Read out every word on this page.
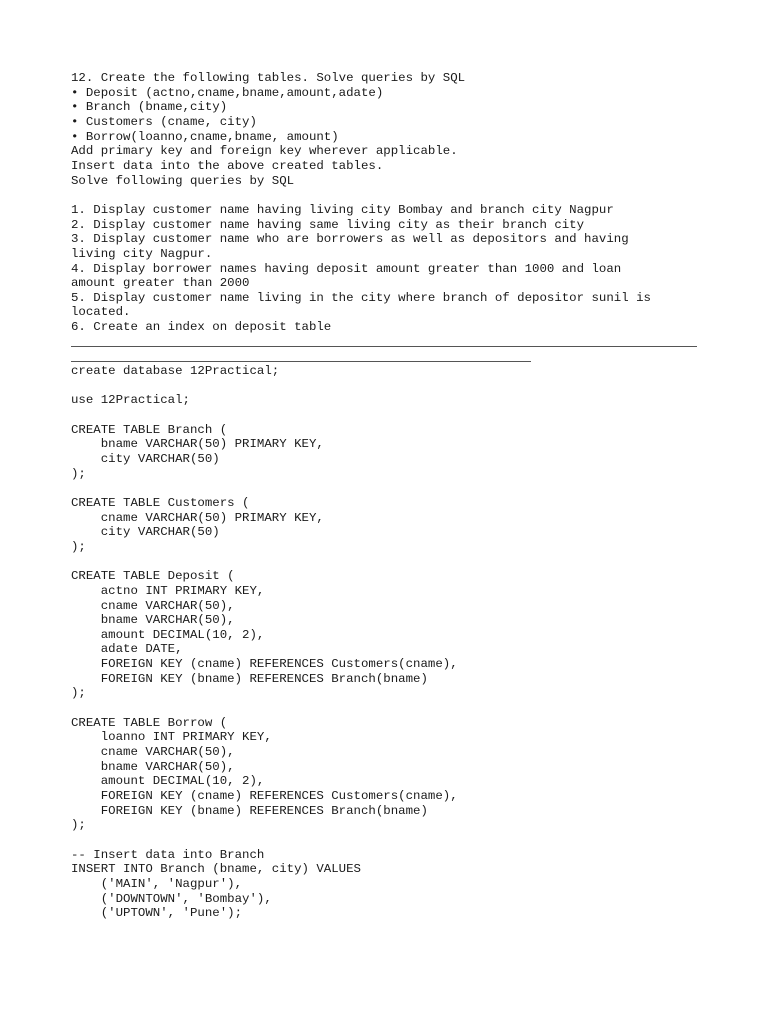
12. Create the following tables. Solve queries by SQL
• Deposit (actno,cname,bname,amount,adate)
• Branch (bname,city)
• Customers (cname, city)
• Borrow(loanno,cname,bname, amount)
Add primary key and foreign key wherever applicable.
Insert data into the above created tables.
Solve following queries by SQL
1. Display customer name having living city Bombay and branch city Nagpur
2. Display customer name having same living city as their branch city
3. Display customer name who are borrowers as well as depositors and having
living city Nagpur.
4. Display borrower names having deposit amount greater than 1000 and loan
amount greater than 2000
5. Display customer name living in the city where branch of depositor sunil is
located.
6. Create an index on deposit table
create database 12Practical;
use 12Practical;
CREATE TABLE Branch (
bname VARCHAR(50) PRIMARY KEY,
city VARCHAR(50)
);
CREATE TABLE Customers (
cname VARCHAR(50) PRIMARY KEY,
city VARCHAR(50)
);
CREATE TABLE Deposit (
actno INT PRIMARY KEY,
cname VARCHAR(50),
bname VARCHAR(50),
amount DECIMAL(10, 2),
adate DATE,
FOREIGN KEY (cname) REFERENCES Customers(cname),
FOREIGN KEY (bname) REFERENCES Branch(bname)
);
CREATE TABLE Borrow (
loanno INT PRIMARY KEY,
cname VARCHAR(50),
bname VARCHAR(50),
amount DECIMAL(10, 2),
FOREIGN KEY (cname) REFERENCES Customers(cname),
FOREIGN KEY (bname) REFERENCES Branch(bname)
);
-- Insert data into Branch
INSERT INTO Branch (bname, city) VALUES
('MAIN', 'Nagpur'),
('DOWNTOWN', 'Bombay'),
('UPTOWN', 'Pune');
